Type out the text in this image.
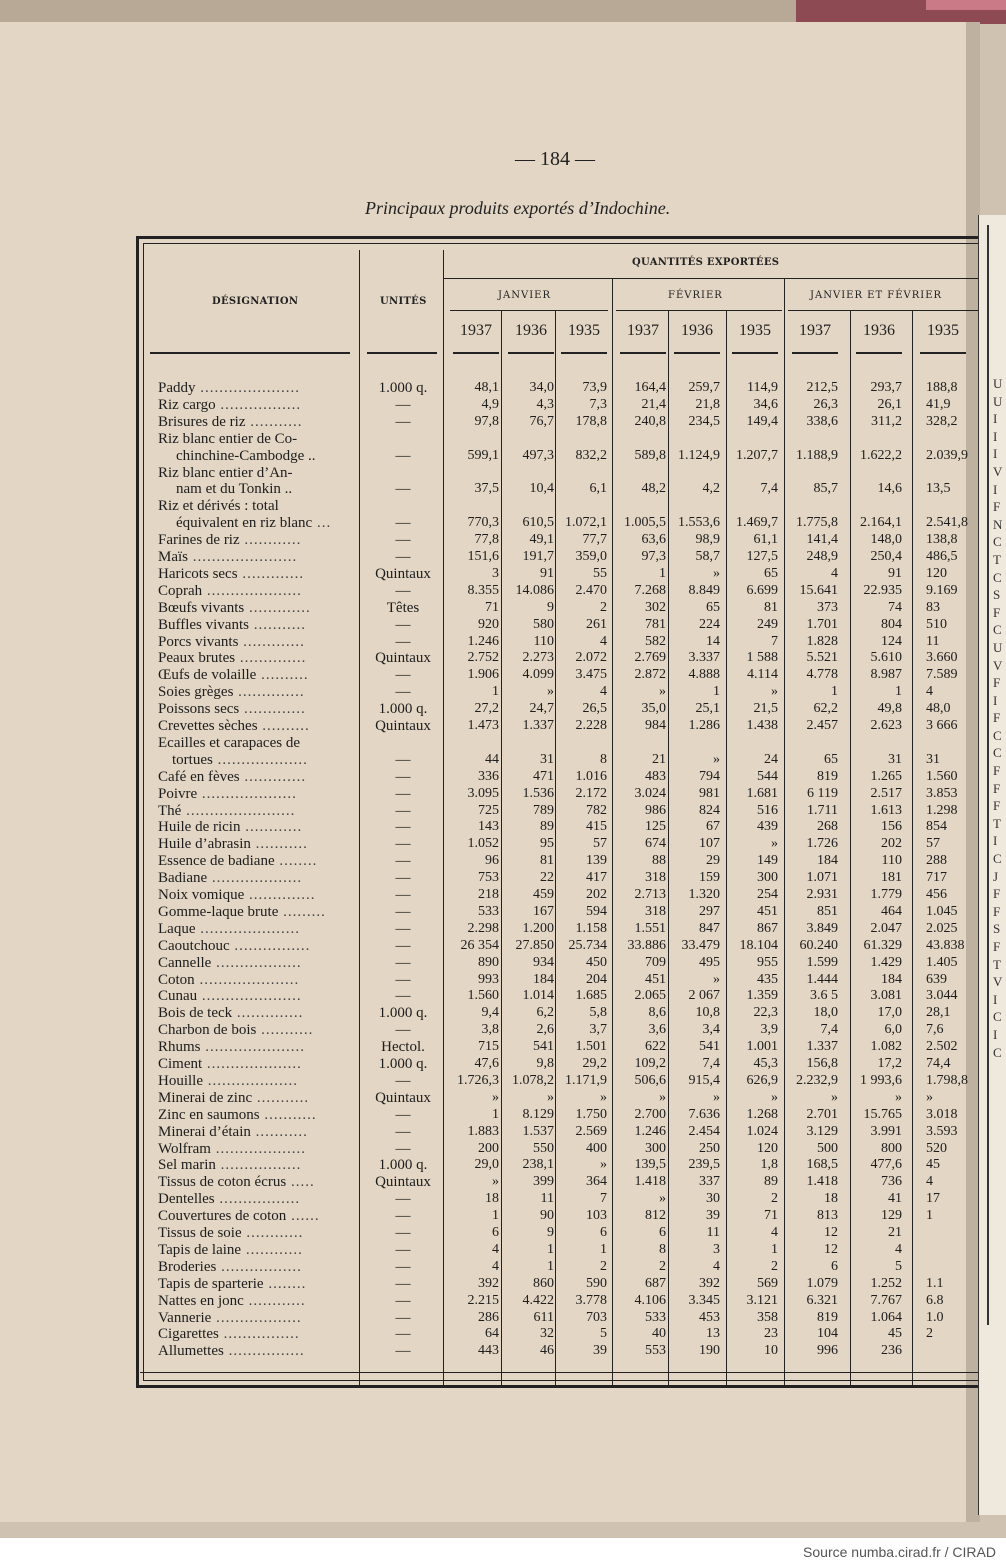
U
U
I
I
I
V
I
F
N
C
T
C
S
F
C
U
V
F
I
F
C
C
F
F
F
T
I
C
J
F
F
S
F
T
V
I
C
I
C
— 184 —
Principaux produits exportés d’Indochine.
DÉSIGNATION	UNITÉS
QUANTITÉS EXPORTÉES
JANVIER	FÉVRIER	JANVIER ET FÉVRIER
1937	1936	1935	1937	1936	1935	1937	1936	1935
Paddy .....................	1.000 q.	48,1	34,0	73,9	164,4	259,7	114,9	212,5	293,7 188,8
Riz cargo .................	—	4,9	4,3	7,3	21,4	21,8	34,6	26,3	26,1 41,9
Brisures de riz ...........	—	97,8	76,7	178,8	240,8	234,5	149,4	338,6	311,2 328,2
Riz blanc entier de Co-
chinchine-Cambodge ..	—	599,1	497,3	832,2	589,8 1.124,9	1.207,7	1.188,9	1.622,2 2.039,9
Riz blanc entier d’An-
nam et du Tonkin ..	—	37,5	10,4	6,1	48,2	4,2	7,4	85,7	14,6 13,5
Riz et dérivés : total
équivalent en riz blanc ...	—	770,3	610,5 1.072,1	1.005,5 1.553,6	1.469,7	1.775,8	2.164,1 2.541,8
Farines de riz ............	—	77,8	49,1	77,7	63,6	98,9	61,1	141,4	148,0 138,8
Maïs ......................	—	151,6	191,7	359,0	97,3	58,7	127,5	248,9	250,4 486,5
Haricots secs .............	Quintaux	3	91	55	1	»	65	4	91 120
Coprah ....................	—	8.355	14.086	2.470	7.268	8.849	6.699	15.641	22.935 9.169
Bœufs vivants .............	Têtes	71	9	2	302	65	81	373	74 83
Buffles vivants ...........	—	920	580	261	781	224	249	1.701	804 510
Porcs vivants .............	—	1.246	110	4	582	14	7	1.828	124 11
Peaux brutes ..............	Quintaux	2.752	2.273	2.072	2.769	3.337	1 588	5.521	5.610 3.660
Œufs de volaille ..........	—	1.906	4.099	3.475	2.872	4.888	4.114	4.778	8.987 7.589
Soies grèges ..............	—	1	»	4	»	1	»	1	1 4
Poissons secs .............	1.000 q.	27,2	24,7	26,5	35,0	25,1	21,5	62,2	49,8 48,0
Crevettes sèches ..........	Quintaux	1.473	1.337	2.228	984	1.286	1.438	2.457	2.623 3 666
Ecailles et carapaces de
tortues ...................	—	44	31	8	21	»	24	65	31 31
Café en fèves .............	—	336	471	1.016	483	794	544	819	1.265 1.560
Poivre ....................	—	3.095	1.536	2.172	3.024	981	1.681	6 119	2.517 3.853
Thé .......................	—	725	789	782	986	824	516	1.711	1.613 1.298
Huile de ricin ............	—	143	89	415	125	67	439	268	156 854
Huile d’abrasin ...........	—	1.052	95	57	674	107	»	1.726	202 57
Essence de badiane ........	—	96	81	139	88	29	149	184	110 288
Badiane ...................	—	753	22	417	318	159	300	1.071	181 717
Noix vomique ..............	—	218	459	202	2.713	1.320	254	2.931	1.779 456
Gomme-laque brute .........	—	533	167	594	318	297	451	851	464 1.045
Laque .....................	—	2.298	1.200	1.158	1.551	847	867	3.849	2.047 2.025
Caoutchouc ................	—	26 354	27.850	25.734	33.886	33.479	18.104	60.240	61.329 43.838
Cannelle ..................	—	890	934	450	709	495	955	1.599	1.429 1.405
Coton .....................	—	993	184	204	451	»	435	1.444	184 639
Cunau .....................	—	1.560	1.014	1.685	2.065	2 067	1.359	3.6 5	3.081 3.044
Bois de teck ..............	1.000 q.	9,4	6,2	5,8	8,6	10,8	22,3	18,0	17,0 28,1
Charbon de bois ...........	—	3,8	2,6	3,7	3,6	3,4	3,9	7,4	6,0 7,6
Rhums .....................	Hectol.	715	541	1.501	622	541	1.001	1.337	1.082 2.502
Ciment ....................	1.000 q.	47,6	9,8	29,2	109,2	7,4	45,3	156,8	17,2 74,4
Houille ...................	—	1.726,3 1.078,2 1.171,9	506,6	915,4	626,9	2.232,9	1 993,6 1.798,8
Minerai de zinc ...........	Quintaux	»	»	»	»	»	»	»	» »
Zinc en saumons ...........	—	1	8.129	1.750	2.700	7.636	1.268	2.701	15.765 3.018
Minerai d’étain ...........	—	1.883	1.537	2.569	1.246	2.454	1.024	3.129	3.991 3.593
Wolfram ...................	—	200	550	400	300	250	120	500	800 520
Sel marin .................	1.000 q.	29,0	238,1	»	139,5	239,5	1,8	168,5	477,6 45
Tissus de coton écrus .....	Quintaux	»	399	364	1.418	337	89	1.418	736 4
Dentelles .................	—	18	11	7	»	30	2	18	41 17
Couvertures de coton ......	—	1	90	103	812	39	71	813	129 1
Tissus de soie ............	—	6	9	6	6	11	4	12	21
Tapis de laine ............	—	4	1	1	8	3	1	12	4
Broderies .................	—	4	1	2	2	4	2	6	5
Tapis de sparterie ........	—	392	860	590	687	392	569	1.079	1.252 1.1
Nattes en jonc ............	—	2.215	4.422	3.778	4.106	3.345	3.121	6.321	7.767 6.8
Vannerie ..................	—	286	611	703	533	453	358	819	1.064 1.0
Cigarettes ................	—	64	32	5	40	13	23	104	45 2
Allumettes ................	—	443	46	39	553	190	10	996	236
Source numba.cirad.fr / CIRAD
